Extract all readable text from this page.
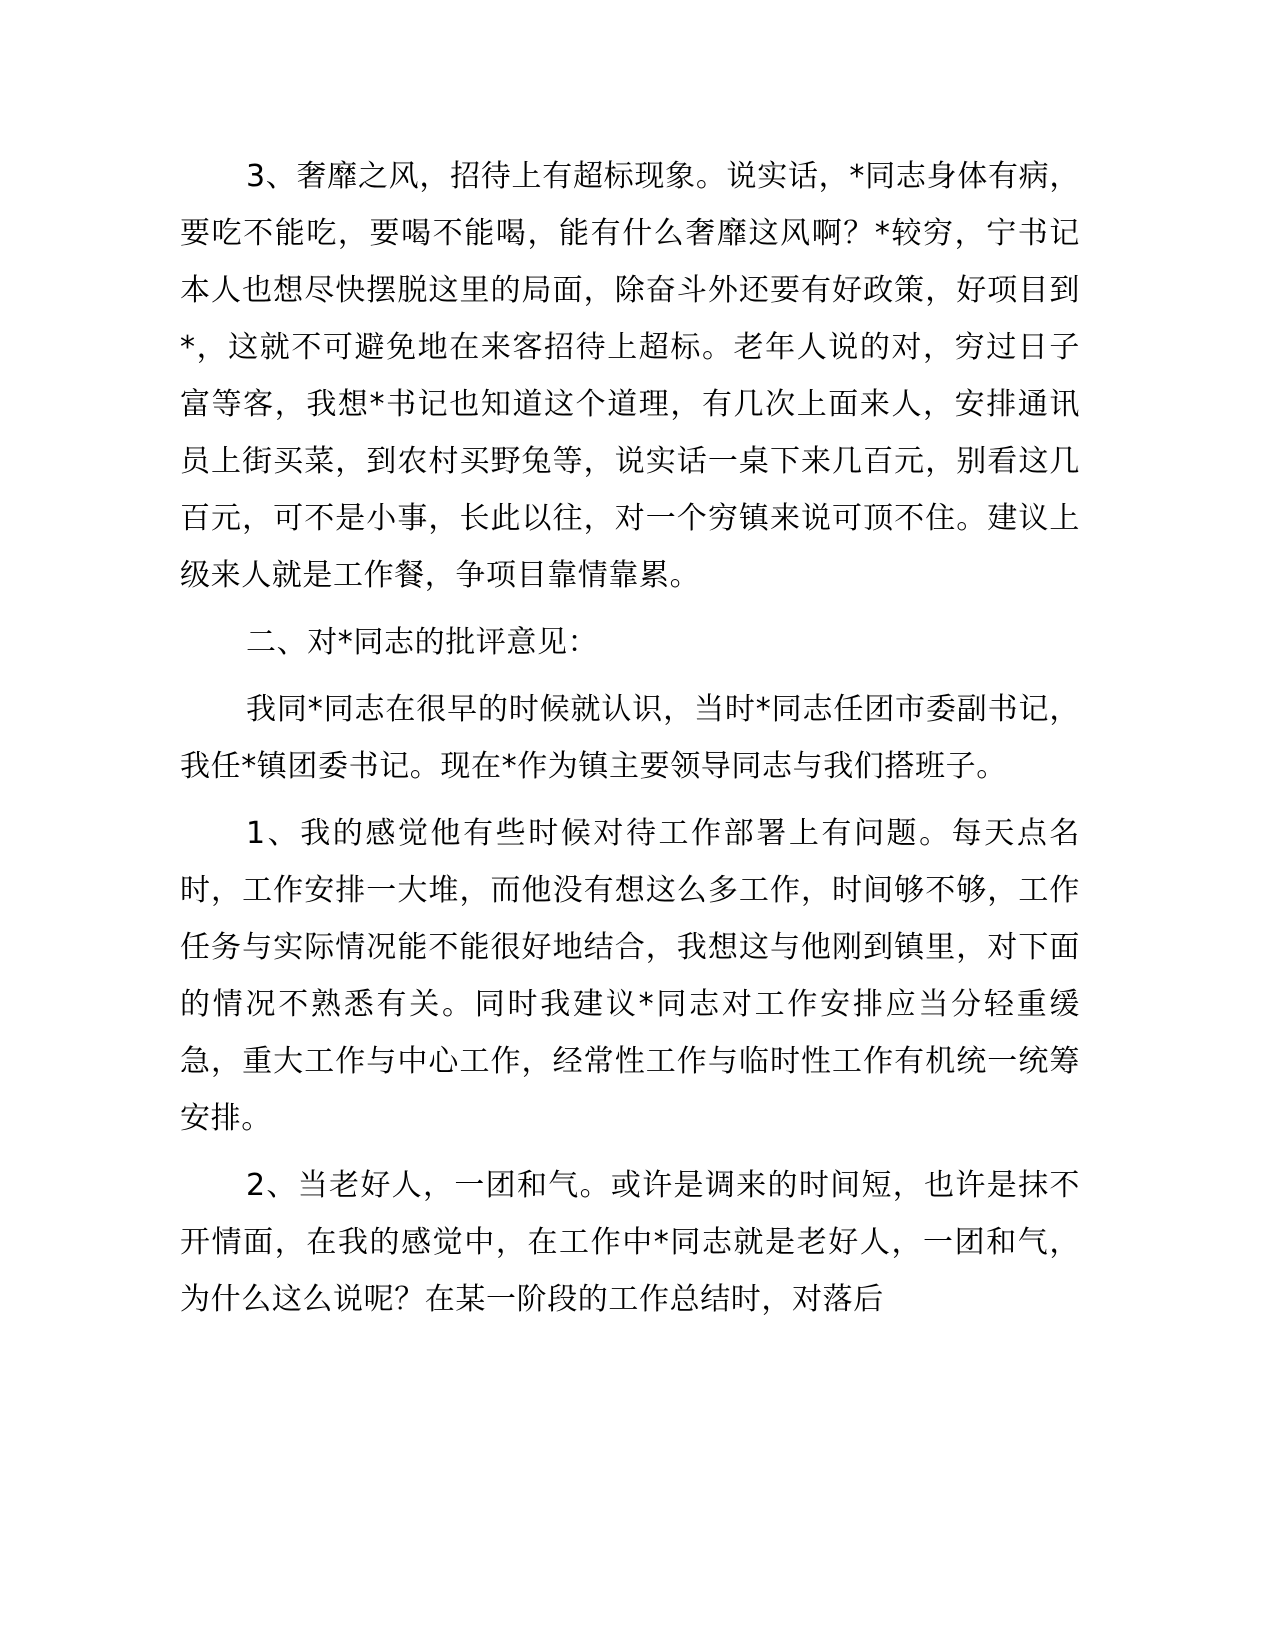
3、奢靡之风，招待上有超标现象。说实话，*同志身体有病，要吃不能吃，要喝不能喝，能有什么奢靡这风啊？*较穷，宁书记本人也想尽快摆脱这里的局面，除奋斗外还要有好政策，好项目到*，这就不可避免地在来客招待上超标。老年人说的对，穷过日子富等客，我想*书记也知道这个道理，有几次上面来人，安排通讯员上街买菜，到农村买野兔等，说实话一桌下来几百元，别看这几百元，可不是小事，长此以往，对一个穷镇来说可顶不住。建议上级来人就是工作餐，争项目靠情靠累。

二、对*同志的批评意见：

我同*同志在很早的时候就认识，当时*同志任团市委副书记，我任*镇团委书记。现在*作为镇主要领导同志与我们搭班子。

1、我的感觉他有些时候对待工作部署上有问题。每天点名时，工作安排一大堆，而他没有想这么多工作，时间够不够，工作任务与实际情况能不能很好地结合，我想这与他刚到镇里，对下面的情况不熟悉有关。同时我建议*同志对工作安排应当分轻重缓急，重大工作与中心工作，经常性工作与临时性工作有机统一统筹安排。

2、当老好人，一团和气。或许是调来的时间短，也许是抹不开情面，在我的感觉中，在工作中*同志就是老好人，一团和气，为什么这么说呢？在某一阶段的工作总结时，对落后
